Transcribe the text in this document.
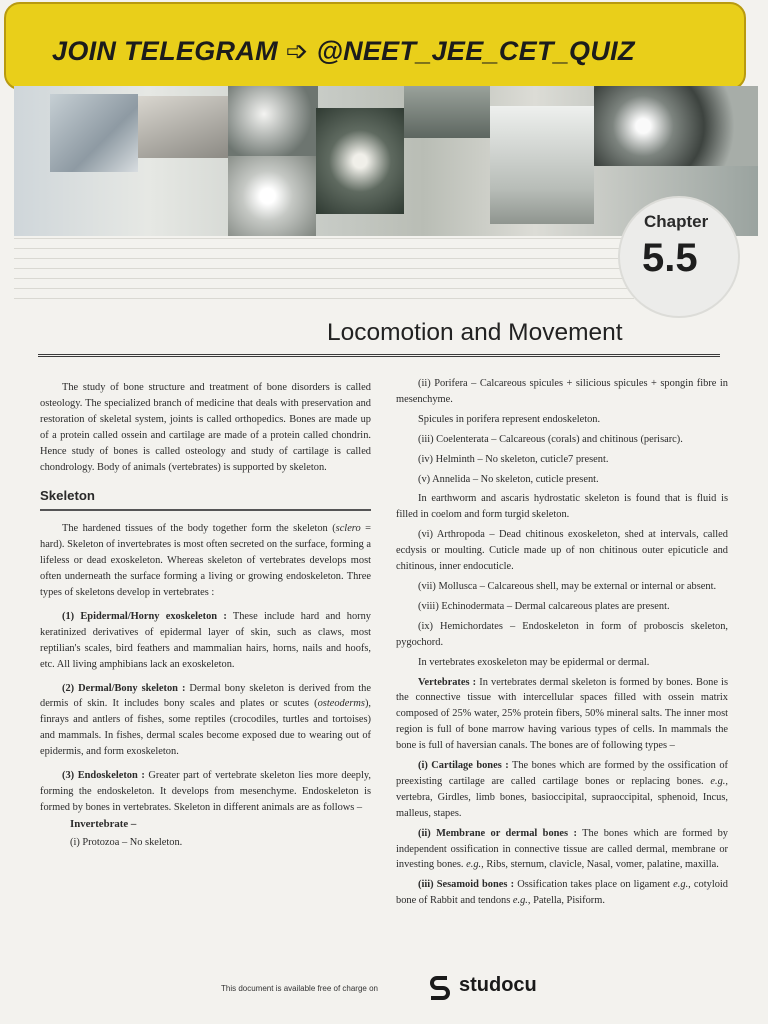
JOIN TELEGRAM ➩ @NEET_JEE_CET_QUIZ
Chapter
5.5
Locomotion and Movement

The study of bone structure and treatment of bone disorders is called osteology. The specialized branch of medicine that deals with preservation and restoration of skeletal system, joints is called orthopedics. Bones are made up of a protein called ossein and cartilage are made of a protein called chondrin. Hence study of bones is called osteology and study of cartilage is called chondrology. Body of animals (vertebrates) is supported by skeleton.

Skeleton

The hardened tissues of the body together form the skeleton (sclero = hard). Skeleton of invertebrates is most often secreted on the surface, forming a lifeless or dead exoskeleton. Whereas skeleton of vertebrates develops most often underneath the surface forming a living or growing endoskeleton. Three types of skeletons develop in vertebrates :

(1) Epidermal/Horny exoskeleton : These include hard and horny keratinized derivatives of epidermal layer of skin, such as claws, most reptilian's scales, bird feathers and mammalian hairs, horns, nails and hoofs, etc. All living amphibians lack an exoskeleton.

(2) Dermal/Bony skeleton : Dermal bony skeleton is derived from the dermis of skin. It includes bony scales and plates or scutes (osteoderms), finrays and antlers of fishes, some reptiles (crocodiles, turtles and tortoises) and mammals. In fishes, dermal scales become exposed due to wearing out of epidermis, and form exoskeleton.

(3) Endoskeleton : Greater part of vertebrate skeleton lies more deeply, forming the endoskeleton. It develops from mesenchyme. Endoskeleton is formed by bones in vertebrates. Skeleton in different animals are as follows –

Invertebrate –

(i) Protozoa – No skeleton.

(ii) Porifera – Calcareous spicules + silicious spicules + spongin fibre in mesenchyme.

Spicules in porifera represent endoskeleton.

(iii) Coelenterata – Calcareous (corals) and chitinous (perisarc).

(iv) Helminth – No skeleton, cuticle7 present.

(v) Annelida – No skeleton, cuticle present.

In earthworm and ascaris hydrostatic skeleton is found that is fluid is filled in coelom and form turgid skeleton.

(vi) Arthropoda – Dead chitinous exoskeleton, shed at intervals, called ecdysis or moulting. Cuticle made up of non chitinous outer epicuticle and chitinous, inner endocuticle.

(vii) Mollusca – Calcareous shell, may be external or internal or absent.

(viii) Echinodermata – Dermal calcareous plates are present.

(ix) Hemichordates – Endoskeleton in form of proboscis skeleton, pygochord.

In vertebrates exoskeleton may be epidermal or dermal.

Vertebrates : In vertebrates dermal skeleton is formed by bones. Bone is the connective tissue with intercellular spaces filled with ossein matrix composed of 25% water, 25% protein fibers, 50% mineral salts. The inner most region is full of bone marrow having various types of cells. In mammals the bone is full of haversian canals. The bones are of following types –

(i) Cartilage bones : The bones which are formed by the ossification of preexisting cartilage are called cartilage bones or replacing bones. e.g., vertebra, Girdles, limb bones, basioccipital, supraoccipital, sphenoid, Incus, malleus, stapes.

(ii) Membrane or dermal bones : The bones which are formed by independent ossification in connective tissue are called dermal, membrane or investing bones. e.g., Ribs, sternum, clavicle, Nasal, vomer, palatine, maxilla.

(iii) Sesamoid bones : Ossification takes place on ligament e.g., cotyloid bone of Rabbit and tendons e.g., Patella, Pisiform.

This document is available free of charge on	studocu
